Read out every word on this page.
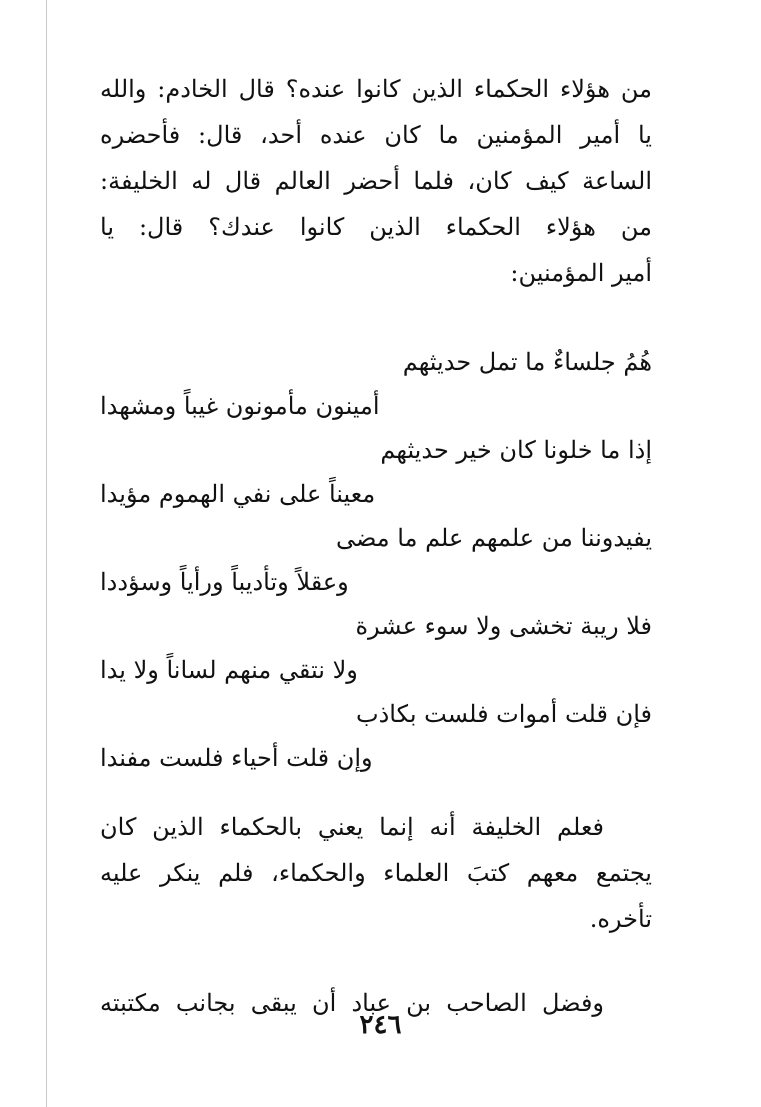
من هؤلاء الحكماء الذين كانوا عنده؟ قال الخادم: والله
يا أمير المؤمنين ما كان عنده أحد، قال: فأحضره
الساعة كيف كان، فلما أحضر العالم قال له الخليفة:
من هؤلاء الحكماء الذين كانوا عندك؟ قال: يا
أمير المؤمنين:
هُمُ جلساءٌ ما تمل حديثهم
أمينون مأمونون غيباً ومشهدا
إذا ما خلونا كان خير حديثهم
معيناً على نفي الهموم مؤيدا
يفيدوننا من علمهم علم ما مضى
وعقلاً وتأديباً ورأياً وسؤددا
فلا ريبة تخشى ولا سوء عشرة
ولا نتقي منهم لساناً ولا يدا
فإن قلت أموات فلست بكاذب
وإن قلت أحياء فلست مفندا
فعلم الخليفة أنه إنما يعني بالحكماء الذين كان
يجتمع معهم كتبَ العلماء والحكماء، فلم ينكر عليه
تأخره.
وفضل الصاحب بن عباد أن يبقى بجانب مكتبته
٢٤٦
